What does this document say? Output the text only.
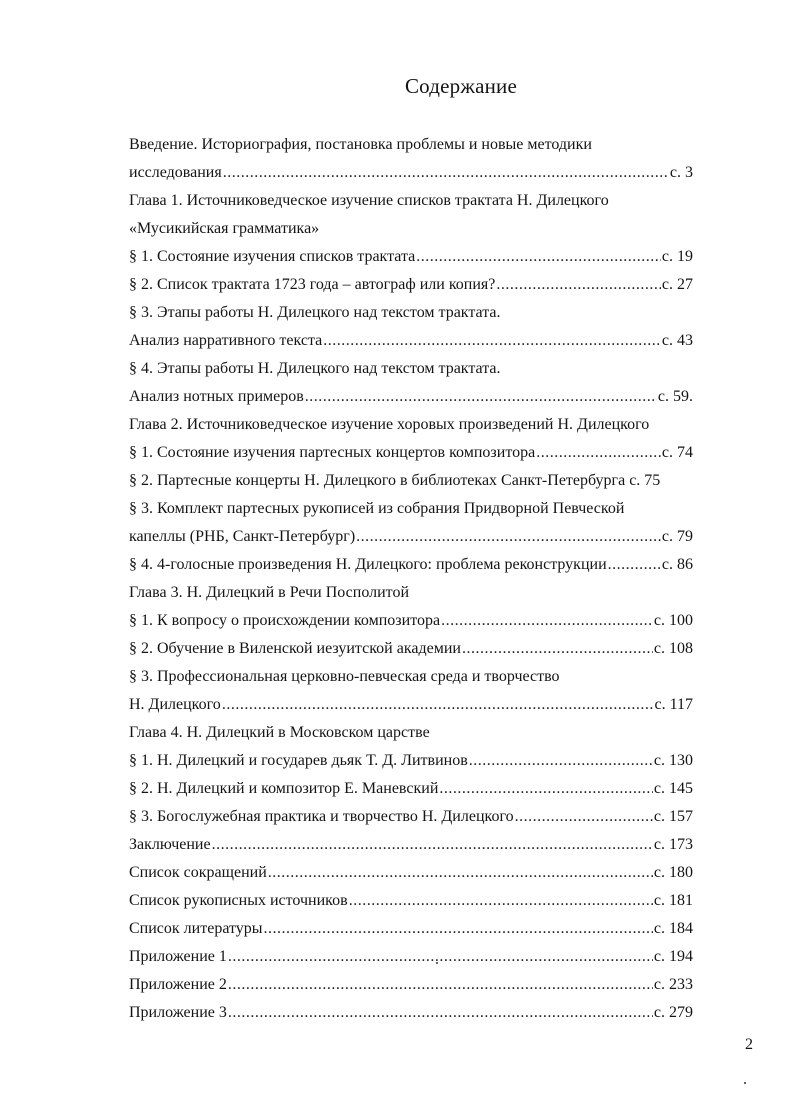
Содержание
Введение. Историография, постановка проблемы и новые методики
исследования .....	с. 3
Глава 1. Источниковедческое изучение списков трактата Н. Дилецкого
«Мусикийская грамматика»
§ 1. Состояние изучения списков трактата .....	с. 19
§ 2. Список трактата 1723 года – автограф или копия? .....	с. 27
§ 3. Этапы работы Н. Дилецкого над текстом трактата.
Анализ нарративного текста .....	с. 43
§ 4. Этапы работы Н. Дилецкого над текстом трактата.
Анализ нотных примеров .....	с. 59.
Глава 2. Источниковедческое изучение хоровых произведений Н. Дилецкого
§ 1. Состояние изучения партесных концертов композитора .....	с. 74
§ 2. Партесные концерты Н. Дилецкого в библиотеках Санкт-Петербурга с. 75
§ 3. Комплект партесных рукописей из собрания Придворной Певческой
капеллы (РНБ, Санкт-Петербург) .....	с. 79
§ 4. 4-голосные произведения Н. Дилецкого: проблема реконструкции .....	с. 86
Глава 3. Н. Дилецкий в Речи Посполитой
§ 1. К вопросу о происхождении композитора .....	с. 100
§ 2. Обучение в Виленской иезуитской академии .....	с. 108
§ 3. Профессиональная церковно-певческая среда и творчество
Н. Дилецкого .....	с. 117
Глава 4. Н. Дилецкий в Московском царстве
§ 1. Н. Дилецкий и государев дьяк Т. Д. Литвинов .....	с. 130
§ 2. Н. Дилецкий и композитор Е. Маневский .....	с. 145
§ 3. Богослужебная практика и творчество Н. Дилецкого .....	с. 157
Заключение .....	с. 173
Список сокращений .....	с. 180
Список рукописных источников .....	с. 181
Список литературы .....	с. 184
Приложение 1 .....	с. 194
Приложение 2 .....	с. 233
Приложение 3 .....	с. 279
2
